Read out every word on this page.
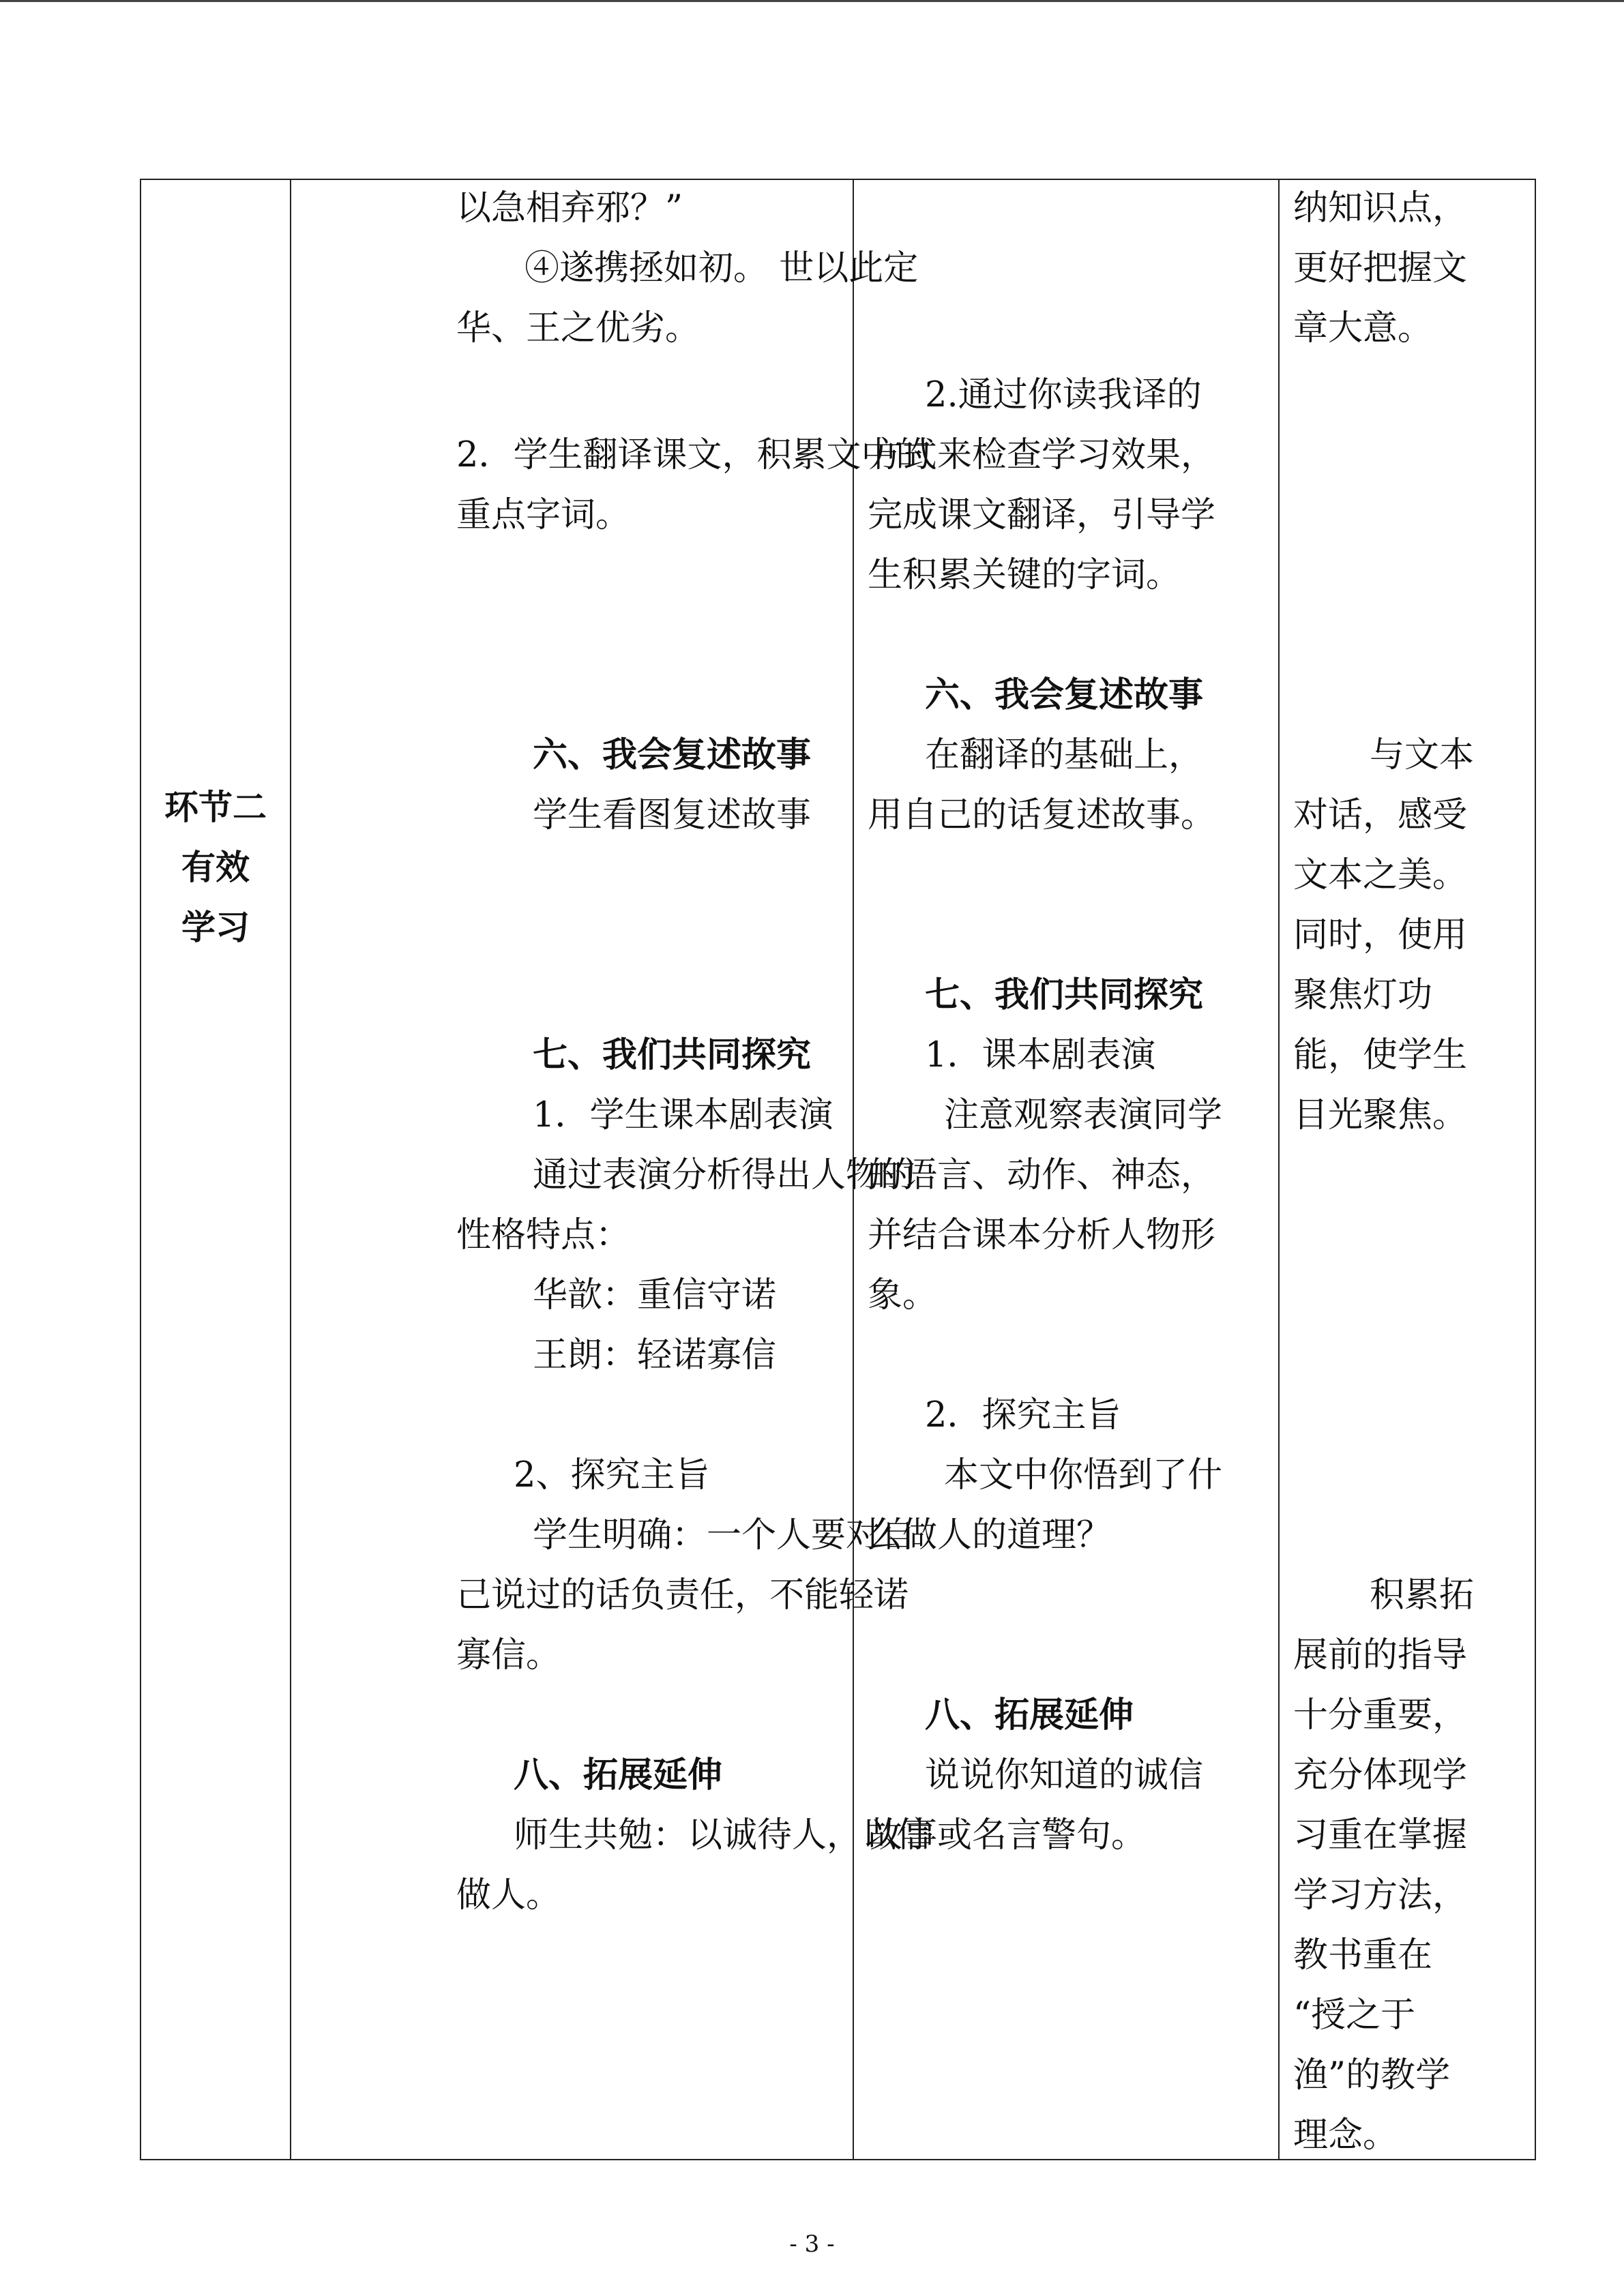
环节二
有效
学习

以急相弃邪？”
④遂携拯如初。 世以此定
华、王之优劣。
2．学生翻译课文，积累文中的
重点字词。
六、我会复述故事
学生看图复述故事
七、我们共同探究
1．学生课本剧表演
通过表演分析得出人物的
性格特点：
华歆：重信守诺
王朗：轻诺寡信
2、探究主旨
学生明确：一个人要对自
己说过的话负责任，不能轻诺
寡信。
八、拓展延伸
师生共勉：以诚待人，以信
做人。

2.通过你读我译的
方式来检查学习效果，
完成课文翻译，引导学
生积累关键的字词。
六、我会复述故事
在翻译的基础上，
用自己的话复述故事。
七、我们共同探究
1．课本剧表演
注意观察表演同学
的语言、动作、神态，
并结合课本分析人物形
象。
2．探究主旨
本文中你悟到了什
么做人的道理？
八、拓展延伸
说说你知道的诚信
故事或名言警句。

纳知识点，
更好把握文
章大意。
与文本
对话，感受
文本之美。
同时，使用
聚焦灯功
能，使学生
目光聚焦。
积累拓
展前的指导
十分重要，
充分体现学
习重在掌握
学习方法，
教书重在
“授之于
渔”的教学
理念。
- 3 -
